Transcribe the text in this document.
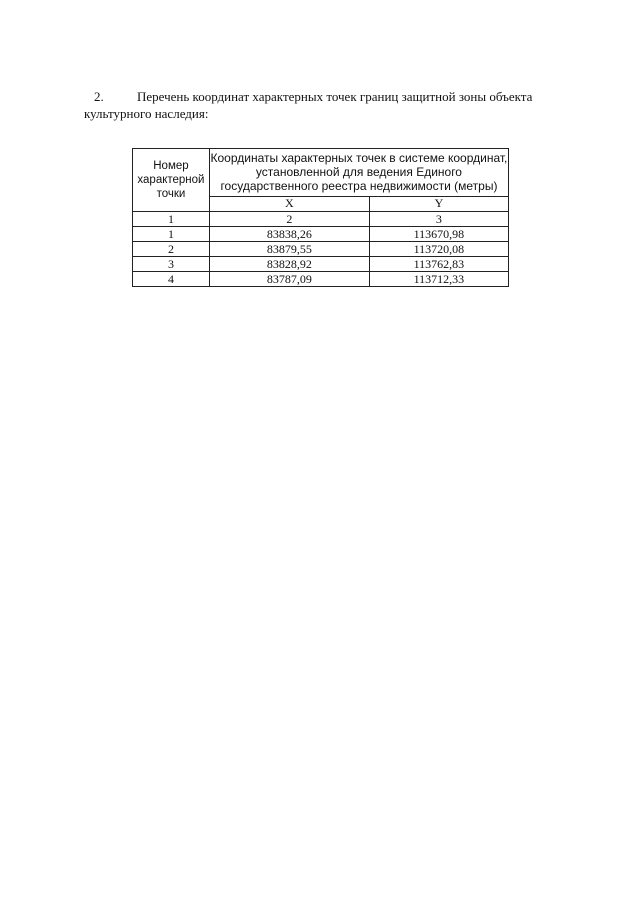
2.	Перечень координат характерных точек границ защитной зоны объекта
культурного наследия:
Номер характерной точки	Координаты характерных точек в системе координат, установленной для ведения Единого государственного реестра недвижимости (метры)	
	X	Y
1	2	3
1	83838,26	113670,98
2	83879,55	113720,08
3	83828,92	113762,83
4	83787,09	113712,33
